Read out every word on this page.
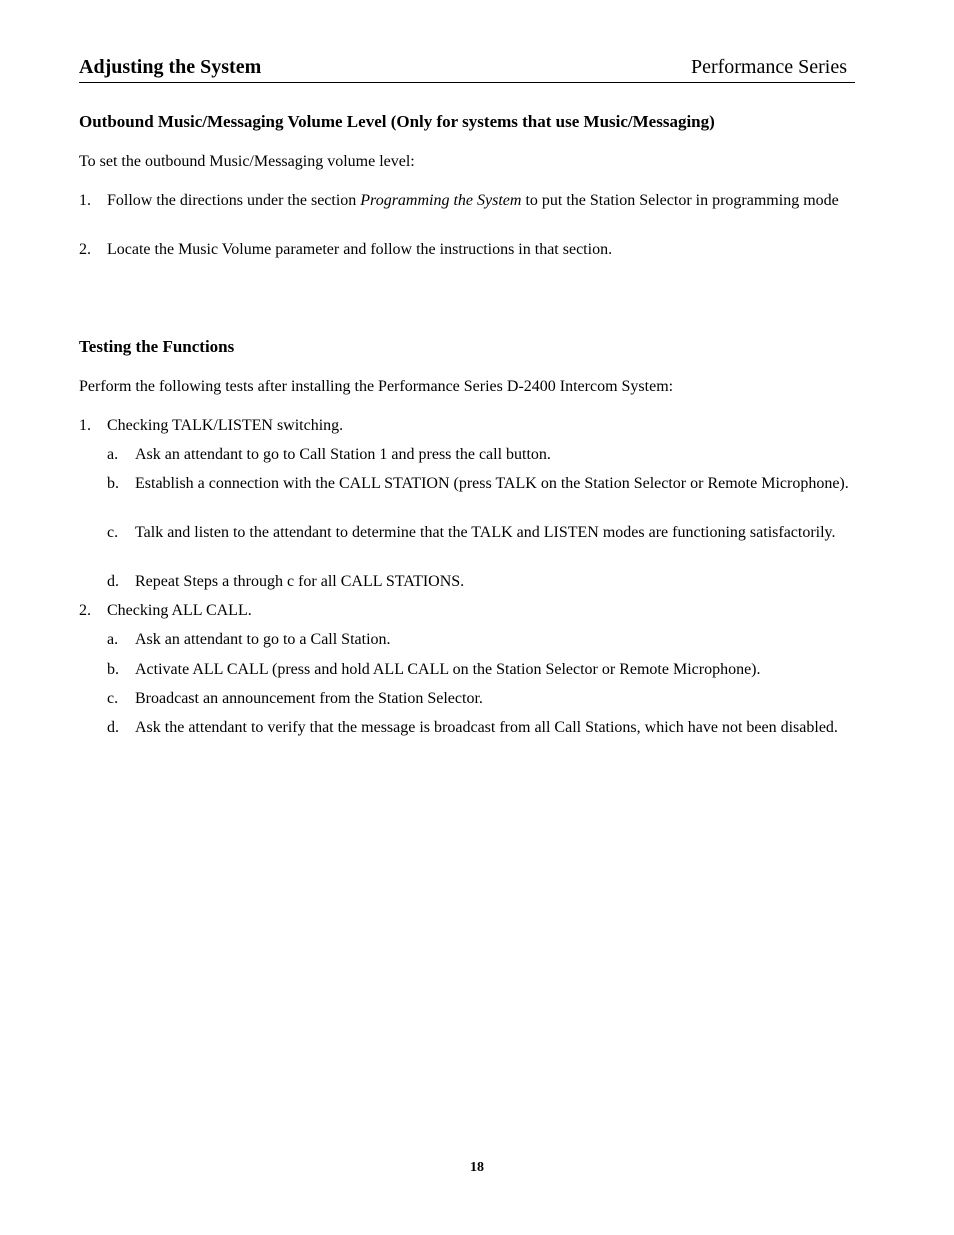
Adjusting the System	Performance Series
Outbound Music/Messaging Volume Level (Only for systems that use Music/Messaging)
To set the outbound Music/Messaging volume level:
1. Follow the directions under the section Programming the System to put the Station Selector in programming mode
2. Locate the Music Volume parameter and follow the instructions in that section.
Testing the Functions
Perform the following tests after installing the Performance Series D-2400 Intercom System:
1. Checking TALK/LISTEN switching.
a. Ask an attendant to go to Call Station 1 and press the call button.
b. Establish a connection with the CALL STATION (press TALK on the Station Selector or Remote Microphone).
c. Talk and listen to the attendant to determine that the TALK and LISTEN modes are functioning satisfactorily.
d. Repeat Steps a through c for all CALL STATIONS.
2. Checking ALL CALL.
a. Ask an attendant to go to a Call Station.
b. Activate ALL CALL (press and hold ALL CALL on the Station Selector or Remote Microphone).
c. Broadcast an announcement from the Station Selector.
d. Ask the attendant to verify that the message is broadcast from all Call Stations, which have not been disabled.
18
